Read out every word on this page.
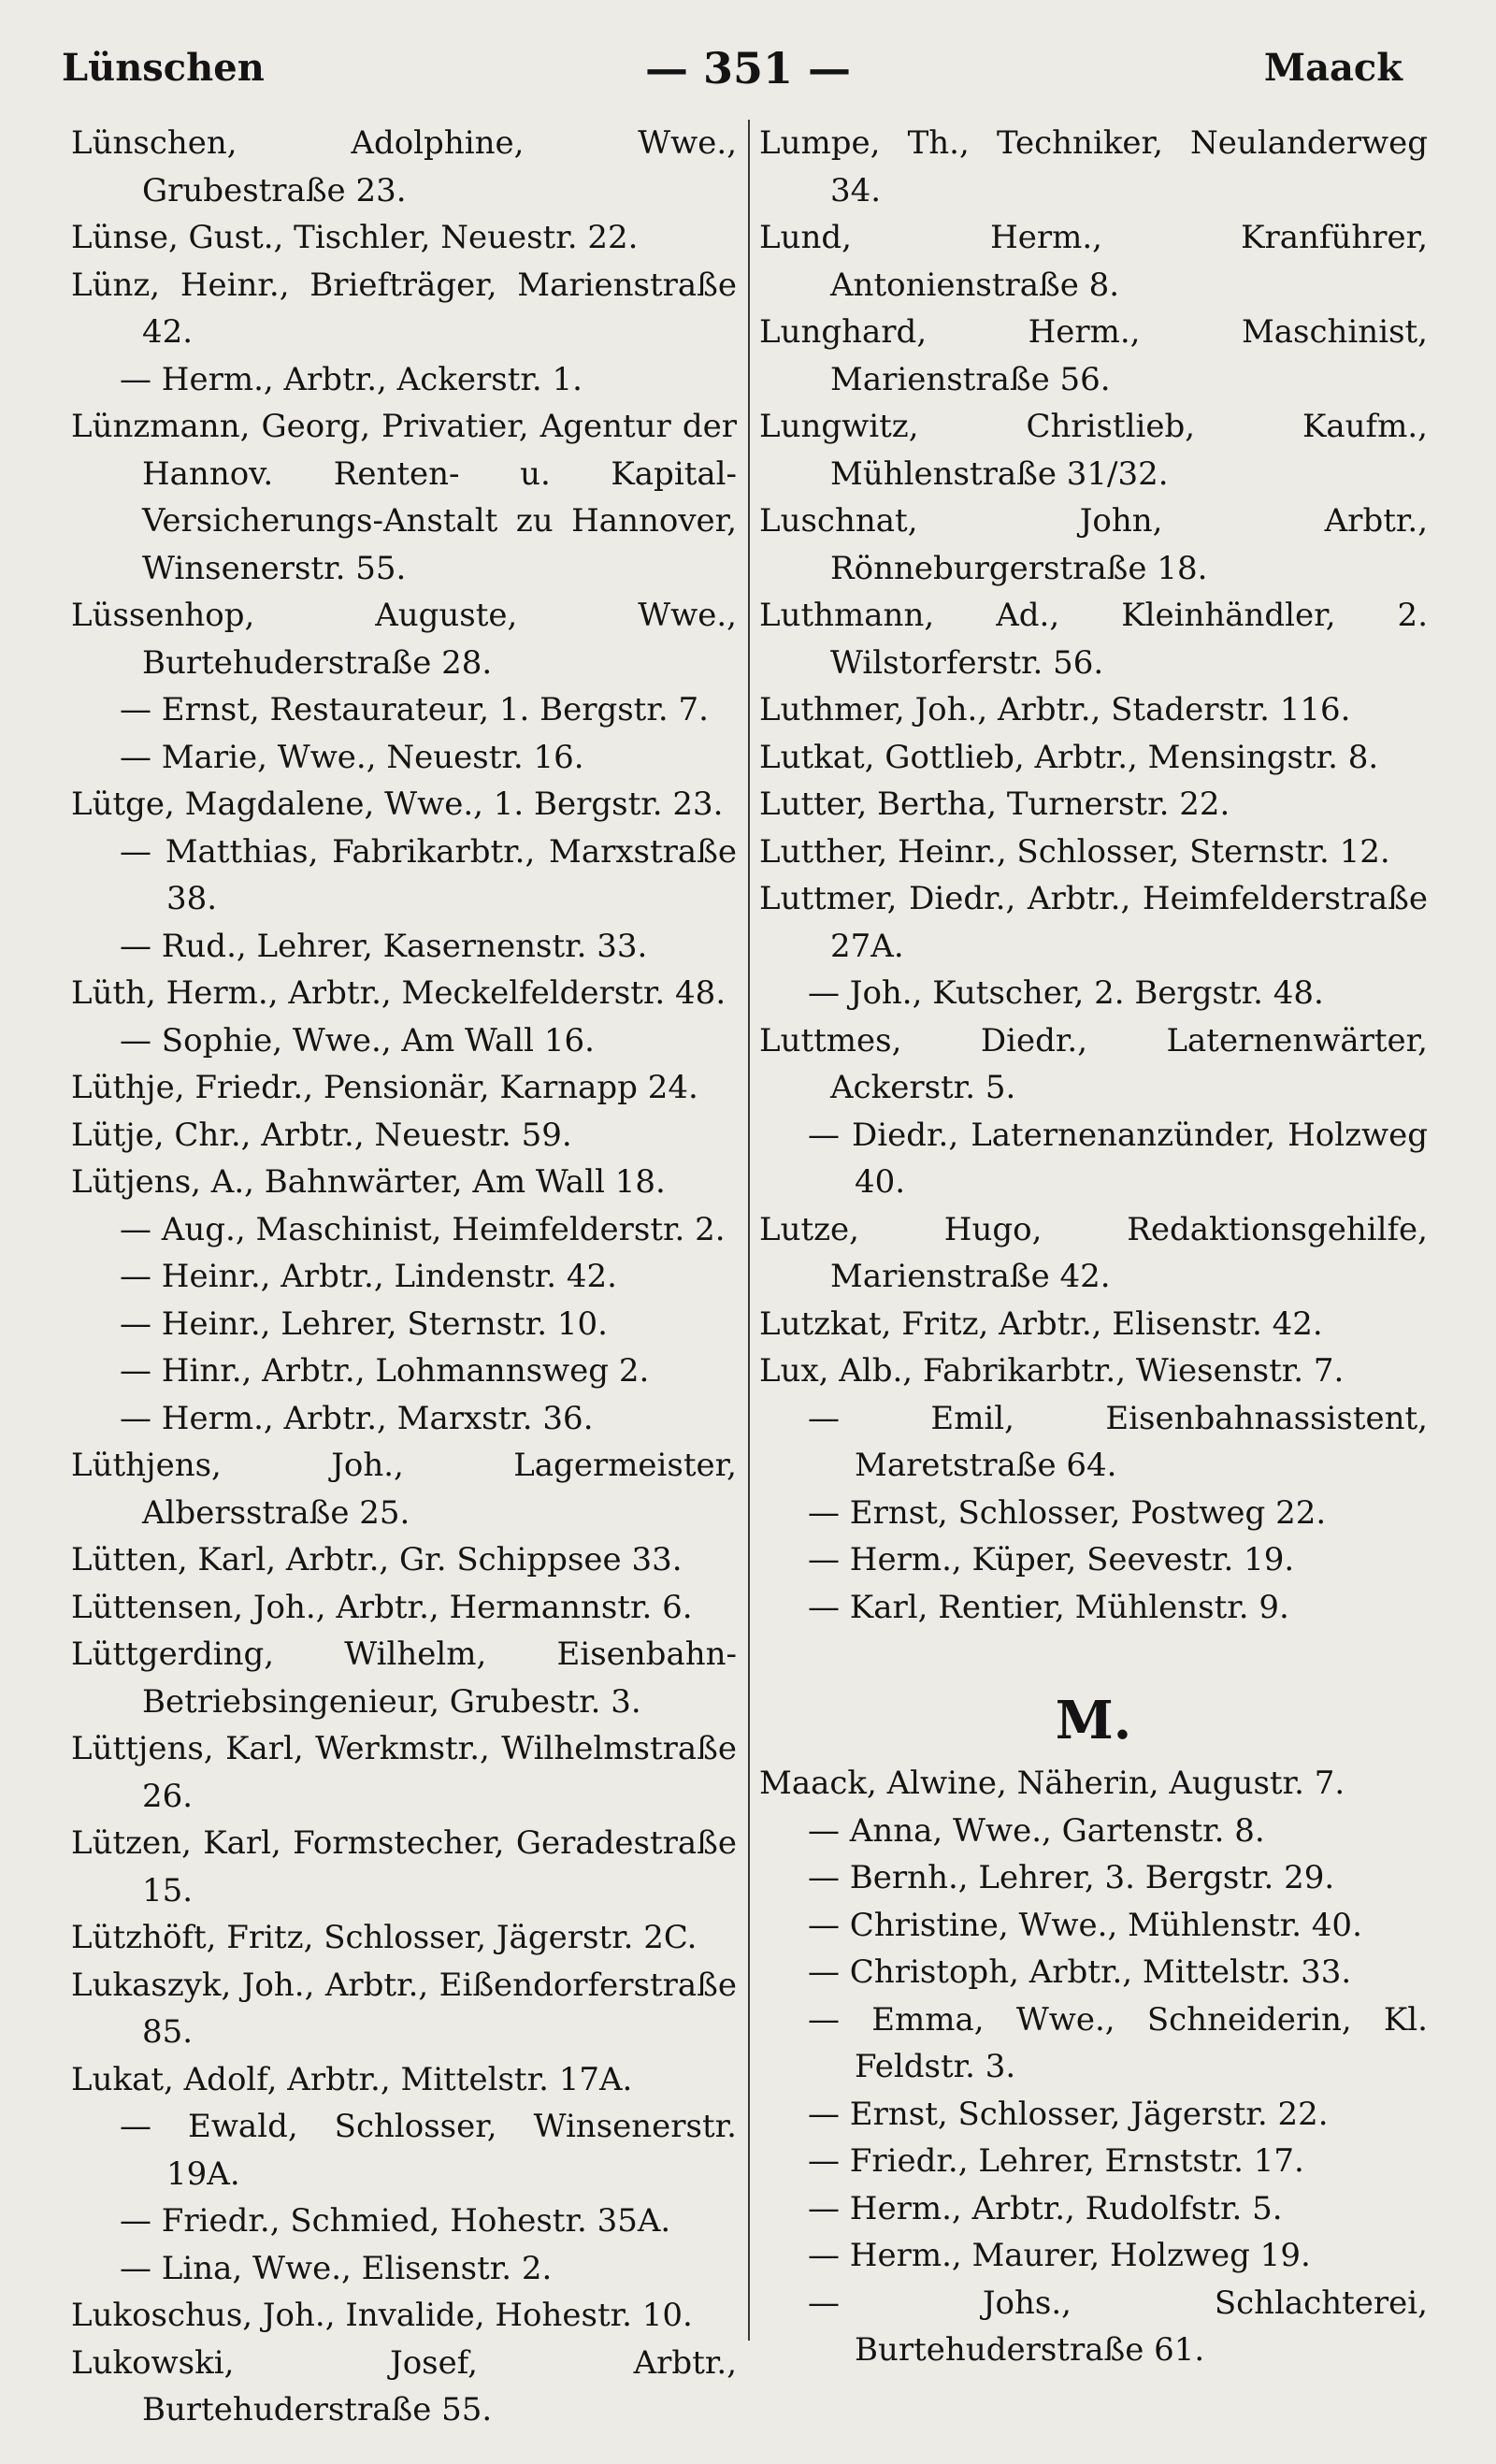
Lünschen	— 351 —	Maack
Lünschen, Adolphine, Wwe., Grubestraße 23.
Lünse, Gust., Tischler, Neuestr. 22.
Lünz, Heinr., Briefträger, Marienstraße 42.
— Herm., Arbtr., Ackerstr. 1.
Lünzmann, Georg, Privatier, Agentur der Hannov. Renten- u. Kapital-Versicherungs-Anstalt zu Hannover, Winsenerstr. 55.
Lüssenhop, Auguste, Wwe., Burtehuderstraße 28.
— Ernst, Restaurateur, 1. Bergstr. 7.
— Marie, Wwe., Neuestr. 16.
Lütge, Magdalene, Wwe., 1. Bergstr. 23.
— Matthias, Fabrikarbtr., Marxstraße 38.
— Rud., Lehrer, Kasernenstr. 33.
Lüth, Herm., Arbtr., Meckelfelderstr. 48.
— Sophie, Wwe., Am Wall 16.
Lüthje, Friedr., Pensionär, Karnapp 24.
Lütje, Chr., Arbtr., Neuestr. 59.
Lütjens, A., Bahnwärter, Am Wall 18.
— Aug., Maschinist, Heimfelderstr. 2.
— Heinr., Arbtr., Lindenstr. 42.
— Heinr., Lehrer, Sternstr. 10.
— Hinr., Arbtr., Lohmannsweg 2.
— Herm., Arbtr., Marxstr. 36.
Lüthjens, Joh., Lagermeister, Albersstraße 25.
Lütten, Karl, Arbtr., Gr. Schippsee 33.
Lüttensen, Joh., Arbtr., Hermannstr. 6.
Lüttgerding, Wilhelm, Eisenbahn-Betriebsingenieur, Grubestr. 3.
Lüttjens, Karl, Werkmstr., Wilhelmstraße 26.
Lützen, Karl, Formstecher, Geradestraße 15.
Lützhöft, Fritz, Schlosser, Jägerstr. 2C.
Lukaszyk, Joh., Arbtr., Eißendorferstraße 85.
Lukat, Adolf, Arbtr., Mittelstr. 17A.
— Ewald, Schlosser, Winsenerstr. 19A.
— Friedr., Schmied, Hohestr. 35A.
— Lina, Wwe., Elisenstr. 2.
Lukoschus, Joh., Invalide, Hohestr. 10.
Lukowski, Josef, Arbtr., Burtehuderstraße 55.
Lumpe, Th., Techniker, Neulanderweg 34.
Lund, Herm., Kranführer, Antonienstraße 8.
Lunghard, Herm., Maschinist, Marienstraße 56.
Lungwitz, Christlieb, Kaufm., Mühlenstraße 31/32.
Luschnat, John, Arbtr., Rönneburgerstraße 18.
Luthmann, Ad., Kleinhändler, 2. Wilstorferstr. 56.
Luthmer, Joh., Arbtr., Staderstr. 116.
Lutkat, Gottlieb, Arbtr., Mensingstr. 8.
Lutter, Bertha, Turnerstr. 22.
Lutther, Heinr., Schlosser, Sternstr. 12.
Luttmer, Diedr., Arbtr., Heimfelderstraße 27A.
— Joh., Kutscher, 2. Bergstr. 48.
Luttmes, Diedr., Laternenwärter, Ackerstr. 5.
— Diedr., Laternenanzünder, Holzweg 40.
Lutze, Hugo, Redaktionsgehilfe, Marienstraße 42.
Lutzkat, Fritz, Arbtr., Elisenstr. 42.
Lux, Alb., Fabrikarbtr., Wiesenstr. 7.
— Emil, Eisenbahnassistent, Maretstraße 64.
— Ernst, Schlosser, Postweg 22.
— Herm., Küper, Seevestr. 19.
— Karl, Rentier, Mühlenstr. 9.
M.
Maack, Alwine, Näherin, Augustr. 7.
— Anna, Wwe., Gartenstr. 8.
— Bernh., Lehrer, 3. Bergstr. 29.
— Christine, Wwe., Mühlenstr. 40.
— Christoph, Arbtr., Mittelstr. 33.
— Emma, Wwe., Schneiderin, Kl. Feldstr. 3.
— Ernst, Schlosser, Jägerstr. 22.
— Friedr., Lehrer, Ernststr. 17.
— Herm., Arbtr., Rudolfstr. 5.
— Herm., Maurer, Holzweg 19.
— Johs., Schlachterei, Burtehuderstraße 61.
